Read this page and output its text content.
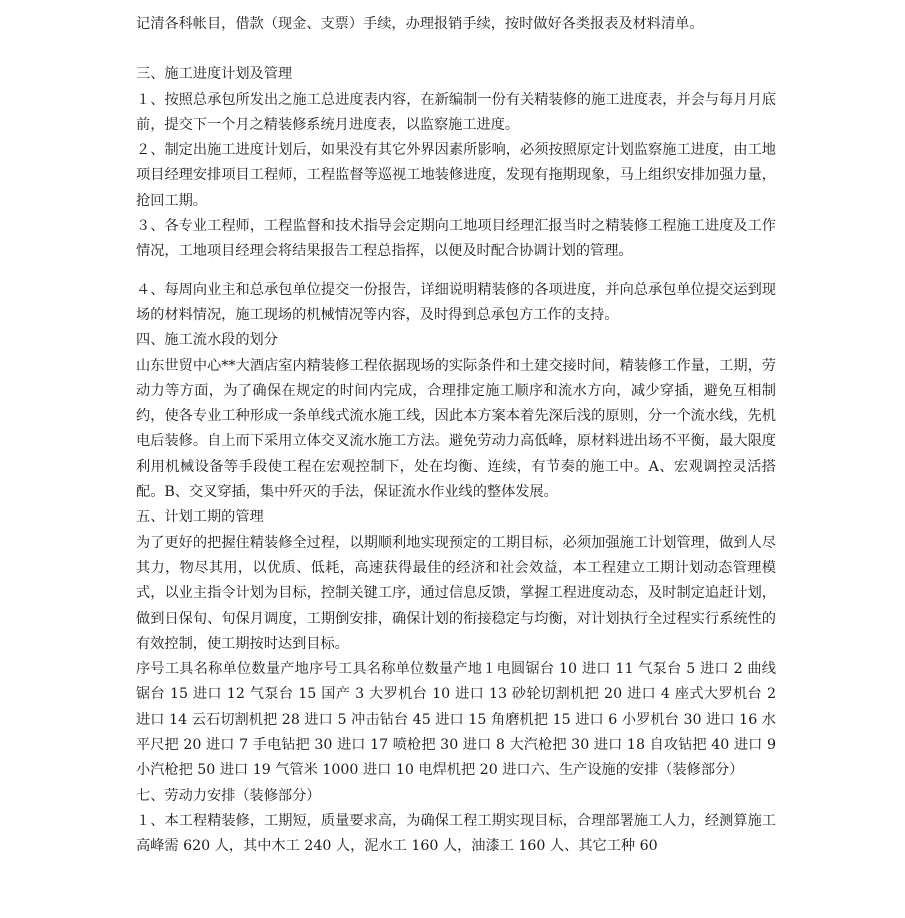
记清各科帐目，借款（现金、支票）手续，办理报销手续，按时做好各类报表及材料清单。

三、施工进度计划及管理

１、按照总承包所发出之施工总进度表内容，在新编制一份有关精装修的施工进度表，并会与每月月底前，提交下一个月之精装修系统月进度表，以监察施工进度。

２、制定出施工进度计划后，如果没有其它外界因素所影响，必须按照原定计划监察施工进度，由工地项目经理安排项目工程师，工程监督等巡视工地装修进度，发现有拖期现象，马上组织安排加强力量，抢回工期。

３、各专业工程师，工程监督和技术指导会定期向工地项目经理汇报当时之精装修工程施工进度及工作情况，工地项目经理会将结果报告工程总指挥，以便及时配合协调计划的管理。

４、每周向业主和总承包单位提交一份报告，详细说明精装修的各项进度，并向总承包单位提交运到现场的材料情况，施工现场的机械情况等内容，及时得到总承包方工作的支持。

四、施工流水段的划分

山东世贸中心**大酒店室内精装修工程依据现场的实际条件和土建交接时间，精装修工作量，工期，劳动力等方面，为了确保在规定的时间内完成，合理排定施工顺序和流水方向，减少穿插，避免互相制约，使各专业工种形成一条单线式流水施工线，因此本方案本着先深后浅的原则，分一个流水线，先机电后装修。自上而下采用立体交叉流水施工方法。避免劳动力高低峰，原材料进出场不平衡，最大限度利用机械设备等手段使工程在宏观控制下，处在均衡、连续，有节奏的施工中。A、宏观调控灵活搭配。B、交叉穿插，集中歼灭的手法，保证流水作业线的整体发展。

五、计划工期的管理

为了更好的把握住精装修全过程，以期顺利地实现预定的工期目标，必须加强施工计划管理，做到人尽其力，物尽其用，以优质、低耗，高速获得最佳的经济和社会效益，本工程建立工期计划动态管理模式，以业主指令计划为目标，控制关键工序，通过信息反馈，掌握工程进度动态，及时制定追赶计划，做到日保旬、旬保月调度，工期倒安排，确保计划的衔接稳定与均衡，对计划执行全过程实行系统性的有效控制，使工期按时达到目标。

序号工具名称单位数量产地序号工具名称单位数量产地１电圆锯台 10 进口 11 气泵台 5 进口 2 曲线锯台 15 进口 12 气泵台 15 国产 3 大罗机台 10 进口 13 砂轮切割机把 20 进口 4 座式大罗机台 2 进口 14 云石切割机把 28 进口 5 冲击钻台 45 进口 15 角磨机把 15 进口 6 小罗机台 30 进口 16 水平尺把 20 进口 7 手电钻把 30 进口 17 喷枪把 30 进口 8 大汽枪把 30 进口 18 自攻钻把 40 进口 9 小汽枪把 50 进口 19 气管米 1000 进口 10 电焊机把 20 进口六、生产设施的安排（装修部分）

七、劳动力安排（装修部分）

１、本工程精装修，工期短，质量要求高，为确保工程工期实现目标，合理部署施工人力，经测算施工高峰需 620 人，其中木工 240 人，泥水工 160 人，油漆工 160 人、其它工种 60
